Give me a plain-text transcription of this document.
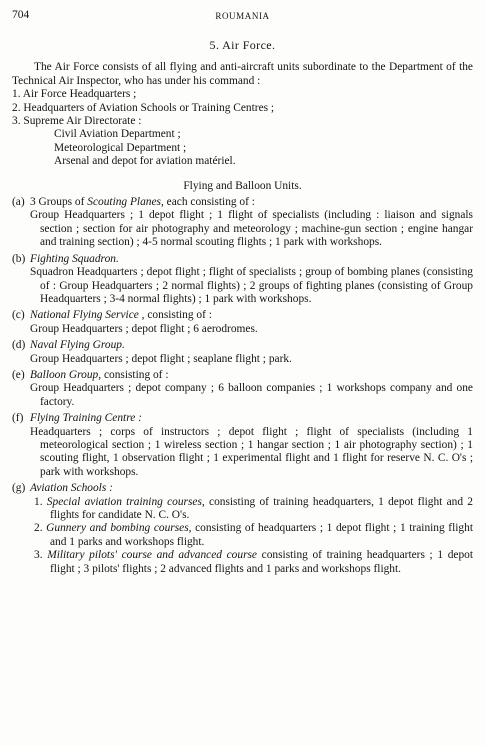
704	ROUMANIA
5. Air Force.
The Air Force consists of all flying and anti-aircraft units subordinate to the Department of the Technical Air Inspector, who has under his command :
1. Air Force Headquarters ;
2. Headquarters of Aviation Schools or Training Centres ;
3. Supreme Air Directorate :
Civil Aviation Department ;
Meteorological Department ;
Arsenal and depot for aviation matériel.
Flying and Balloon Units.
(a) 3 Groups of Scouting Planes, each consisting of :
Group Headquarters ; 1 depot flight ; 1 flight of specialists (including : liaison and signals section ; section for air photography and meteorology ; machine-gun section ; engine hangar and training section) ; 4-5 normal scouting flights ; 1 park with workshops.
(b) Fighting Squadron.
Squadron Headquarters ; depot flight ; flight of specialists ; group of bombing planes (consisting of : Group Headquarters ; 2 normal flights) ; 2 groups of fighting planes (consisting of Group Headquarters ; 3-4 normal flights) ; 1 park with workshops.
(c) National Flying Service , consisting of :
Group Headquarters ; depot flight ; 6 aerodromes.
(d) Naval Flying Group.
Group Headquarters ; depot flight ; seaplane flight ; park.
(e) Balloon Group, consisting of :
Group Headquarters ; depot company ; 6 balloon companies ; 1 workshops company and one factory.
(f) Flying Training Centre :
Headquarters ; corps of instructors ; depot flight ; flight of specialists (including 1 meteorological section ; 1 wireless section ; 1 hangar section ; 1 air photography section) ; 1 scouting flight, 1 observation flight ; 1 experimental flight and 1 flight for reserve N. C. O's ; park with workshops.
(g) Aviation Schools :
1. Special aviation training courses, consisting of training headquarters, 1 depot flight and 2 flights for candidate N. C. O's.
2. Gunnery and bombing courses, consisting of headquarters ; 1 depot flight ; 1 training flight and 1 parks and workshops flight.
3. Military pilots' course and advanced course consisting of training headquarters ; 1 depot flight ; 3 pilots' flights ; 2 advanced flights and 1 parks and workshops flight.
